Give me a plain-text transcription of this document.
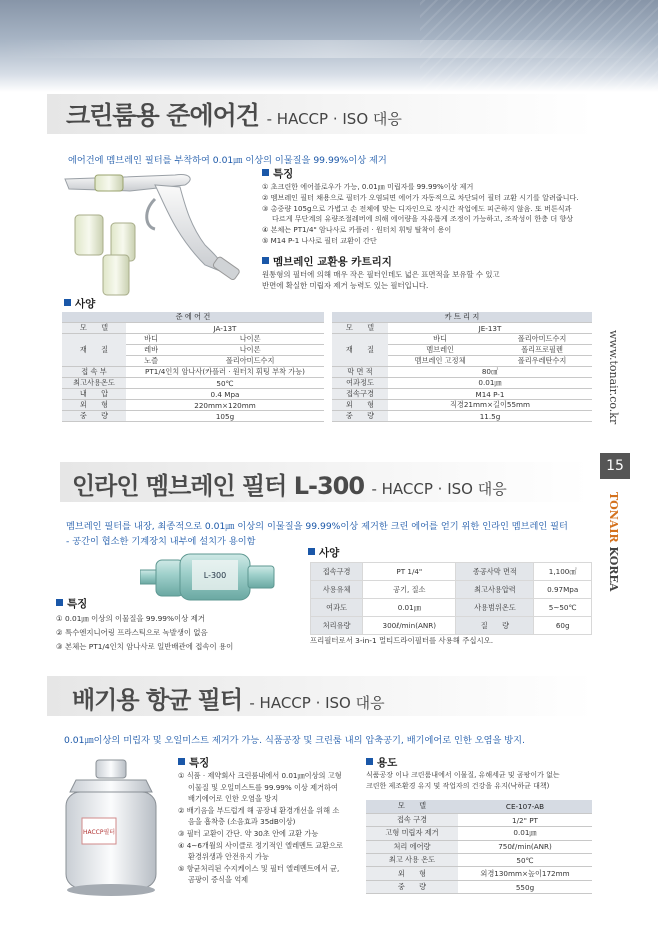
크린룸용 준에어건 - HACCP · ISO 대응
에어건에 멤브레인 필터를 부착하여 0.01㎛ 이상의 이물질을 99.99%이상 제거
특징
① 초크린한 에어블로우가 가능, 0.01㎛ 미립자를 99.99%이상 제거
② 멤브레인 필터 채용으로 필터가 오염되면 에어가 자동적으로 차단되어 필터 교환 시기를 알려줍니다.
③ 총중량 105g으로 가볍고 손 전체에 맞는 디자인으로 장시간 작업에도 피곤하지 않음. 또 버튼식과
다르게 무단계의 유량조절레버에 의해 에어량을 자유롭게 조정이 가능하고, 조작성이 한층 더 향상
④ 본체는 PT1/4" 암나사로 카플러 · 원터치 휘팅 탈착이 용이
⑤ M14 P-1 나사로 필터 교환이 간단
멤브레인 교환용 카트리지
원통형의 필터에 의해 매우 작은 필터인데도 넓은 표면적을 보유할 수 있고
반면에 확실한 미립자 제거 능력도 있는 필터입니다.
사양
준 에 어 건		
모　　델	JA-13T	
재　　질	바디	나이론
	레바	나이론
	노즐	폴리아미드수지
접 속 부	PT1/4인치 암나사(카플러 · 원터치 휘팅 부착 가능)	
최고사용온도	50℃	
내　　압	0.4 Mpa	
외　　형	220mm×120mm	
중　　량	105g	
카 트 리 지		
모　　델	JE-13T	
재　　질	바디	폴리아미드수지
	멤브레인	폴리프로필렌
	멤브레인 고정체	폴리우레탄수지
막 면 적	80㎠	
여과정도	0.01㎛	
접속구경	M14 P-1	
외　　형	직경21mm×길이55mm	
중　　량	11.5g	
인라인 멤브레인 필터 L-300 - HACCP · ISO 대응
멤브레인 필터를 내장, 최종적으로 0.01㎛ 이상의 이물질을 99.99%이상 제거한 크린 에어를 얻기 위한 인라인 멤브레인 필터
- 공간이 협소한 기계장치 내부에 설치가 용이함
L-300
사양
접속구경	PT 1/4"	종공사막 면적	1,100㎠
사용유체	공기, 질소	최고사용압력	0.97Mpa
여과도	0.01㎛	사용범위온도	5~50℃
처리유량	300ℓ/min(ANR)	질　　량	60g
프리필터로서 3-in-1 멀티드라이필터를 사용해 주십시오.
특징
① 0.01㎛ 이상의 이물질을 99.99%이상 제거
② 특수엔지니어링 프라스틱으로 녹발생이 없음
③ 본체는 PT1/4인치 암나사로 일반배관에 접속이 용이
배기용 항균 필터 - HACCP · ISO 대응
0.01㎛이상의 미립자 및 오일미스트 제거가 가능. 식품공장 및 크린룸 내의 압축공기, 배기에어로 인한 오염을 방지.
HACCP필터
특징
① 식품 · 제약회사 크린룸내에서 0.01㎛이상의 고형
이물질 및 오일미스트를 99.99% 이상 제거하여
배기에어로 인한 오염을 방지
② 배기음을 부드럽게 해 공장내 환경개선을 위해 소
음을 흡착층 (소음효과 35dB이상)
③ 필터 교환이 간단. 약 30초 안에 교환 가능
④ 4~6개월의 사이클로 정기적인 엘레멘트 교환으로
환경위생과 안전유지 가능
⑤ 항균처리된 수지케이스 및 필터 엘레멘트에서 균,
곰팡이 증식을 억제
용도
식품공장 이나 크린룸내에서 이물질, 유해세균 및 곰팡이가 없는
크린한 제조환경 유지 및 작업자의 건강을 유지(낙하균 대책)
모　　델	CE-107-AB
접속 구경	1/2" PT
고형 미립자 제거	0.01㎛
처리 에어량	750ℓ/min(ANR)
최고 사용 온도	50℃
외　　형	외경130mm×높이172mm
중　　량	550g
www.tonair.co.kr
15
TONAIR KOREA
